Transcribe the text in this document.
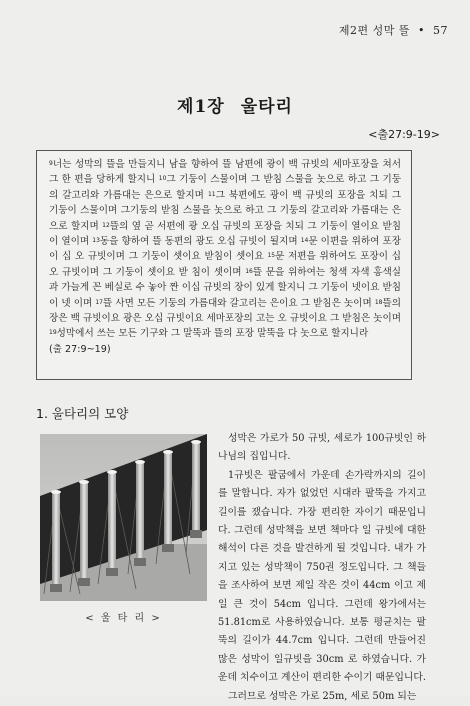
제2편 성막 뜰 • 57
제1장 울타리
<출27:9-19>
$^9$너는 성막의 뜰을 만들지니 남을 향하여 뜰 남편에 광이 백 규빗의 세마포장을 쳐서 그 한 편을 당하게 할지니 $^{10}$그 기둥이 스물이며 그 받침 스물을 놋으로 하고 그 기둥의 갈고리와 가름대는 은으로 할지며 $^{11}$그 북편에도 광이 백 규빗의 포장을 치되 그 기둥이 스물이며 그기둥의 받침 스물을 놋으로 하고 그 기둥의 갈고리와 가름대는 은으로 할지며 $^{12}$뜰의 옆 곧 서편에 광 오십 규빗의 포장을 치되 그 기둥이 열이요 받침이 열이며 $^{13}$동을 향하여 뜰 동편의 광도 오십 규빗이 될지며 $^{14}$문 이편을 위하여 포장이 십 오 규빗이며 그 기둥이 셋이요 받침이 셋이요 $^{15}$문 저편을 위하여도 포장이 십오 규빗이며 그 기둥이 셋이요 받 침이 셋이며 $^{16}$뜰 문을 위하여는 청색 자색 홍색실과 가늘게 꼰 베실로 수 놓아 짠 이십 규빗의 장이 있게 할지니 그 기둥이 넷이요 받침이 넷 이며 $^{17}$뜰 사면 모든 기둥의 가름대와 갈고리는 은이요 그 받침은 놋이며 $^{18}$뜰의 장은 백 규빗이요 광은 오십 규빗이요 세마포장의 고는 오 규빗이요 그 받침은 놋이며 $^{19}$성막에서 쓰는 모든 기구와 그 말뚝과 뜰의 포장 말뚝을 다 놋으로 할지니라
(출 27:9~19)
1. 울타리의 모양
< 울 타 리 >

성막은 가로가 50 규빗, 세로가 100규빗인 하나님의 집입니다.

1규빗은 팔굽에서 가운데 손가락까지의 길이를 말합니다. 자가 없었던 시대라 팔뚝을 가지고 길이를 쟀습니다. 가장 편리한 자이기 때문입니다. 그런데 성막책을 보면 책마다 일 규빗에 대한 해석이 다른 것을 발견하게 될 것입니다. 내가 가지고 있는 성막책이 750권 정도입니다. 그 책들을 조사하여 보면 제일 작은 것이 44cm 이고 제일 큰 것이 54cm 입니다. 그런데 왕가에서는 51.81cm로 사용하였습니다. 보통 평균치는 팔뚝의 길이가 44.7cm 입니다. 그런데 만들어진 많은 성막이 일규빗을 30cm 로 하였습니다. 가운데 치수이고 계산이 편리한 수이기 때문입니다.

그러므로 성막은 가로 25m, 세로 50m 되는
